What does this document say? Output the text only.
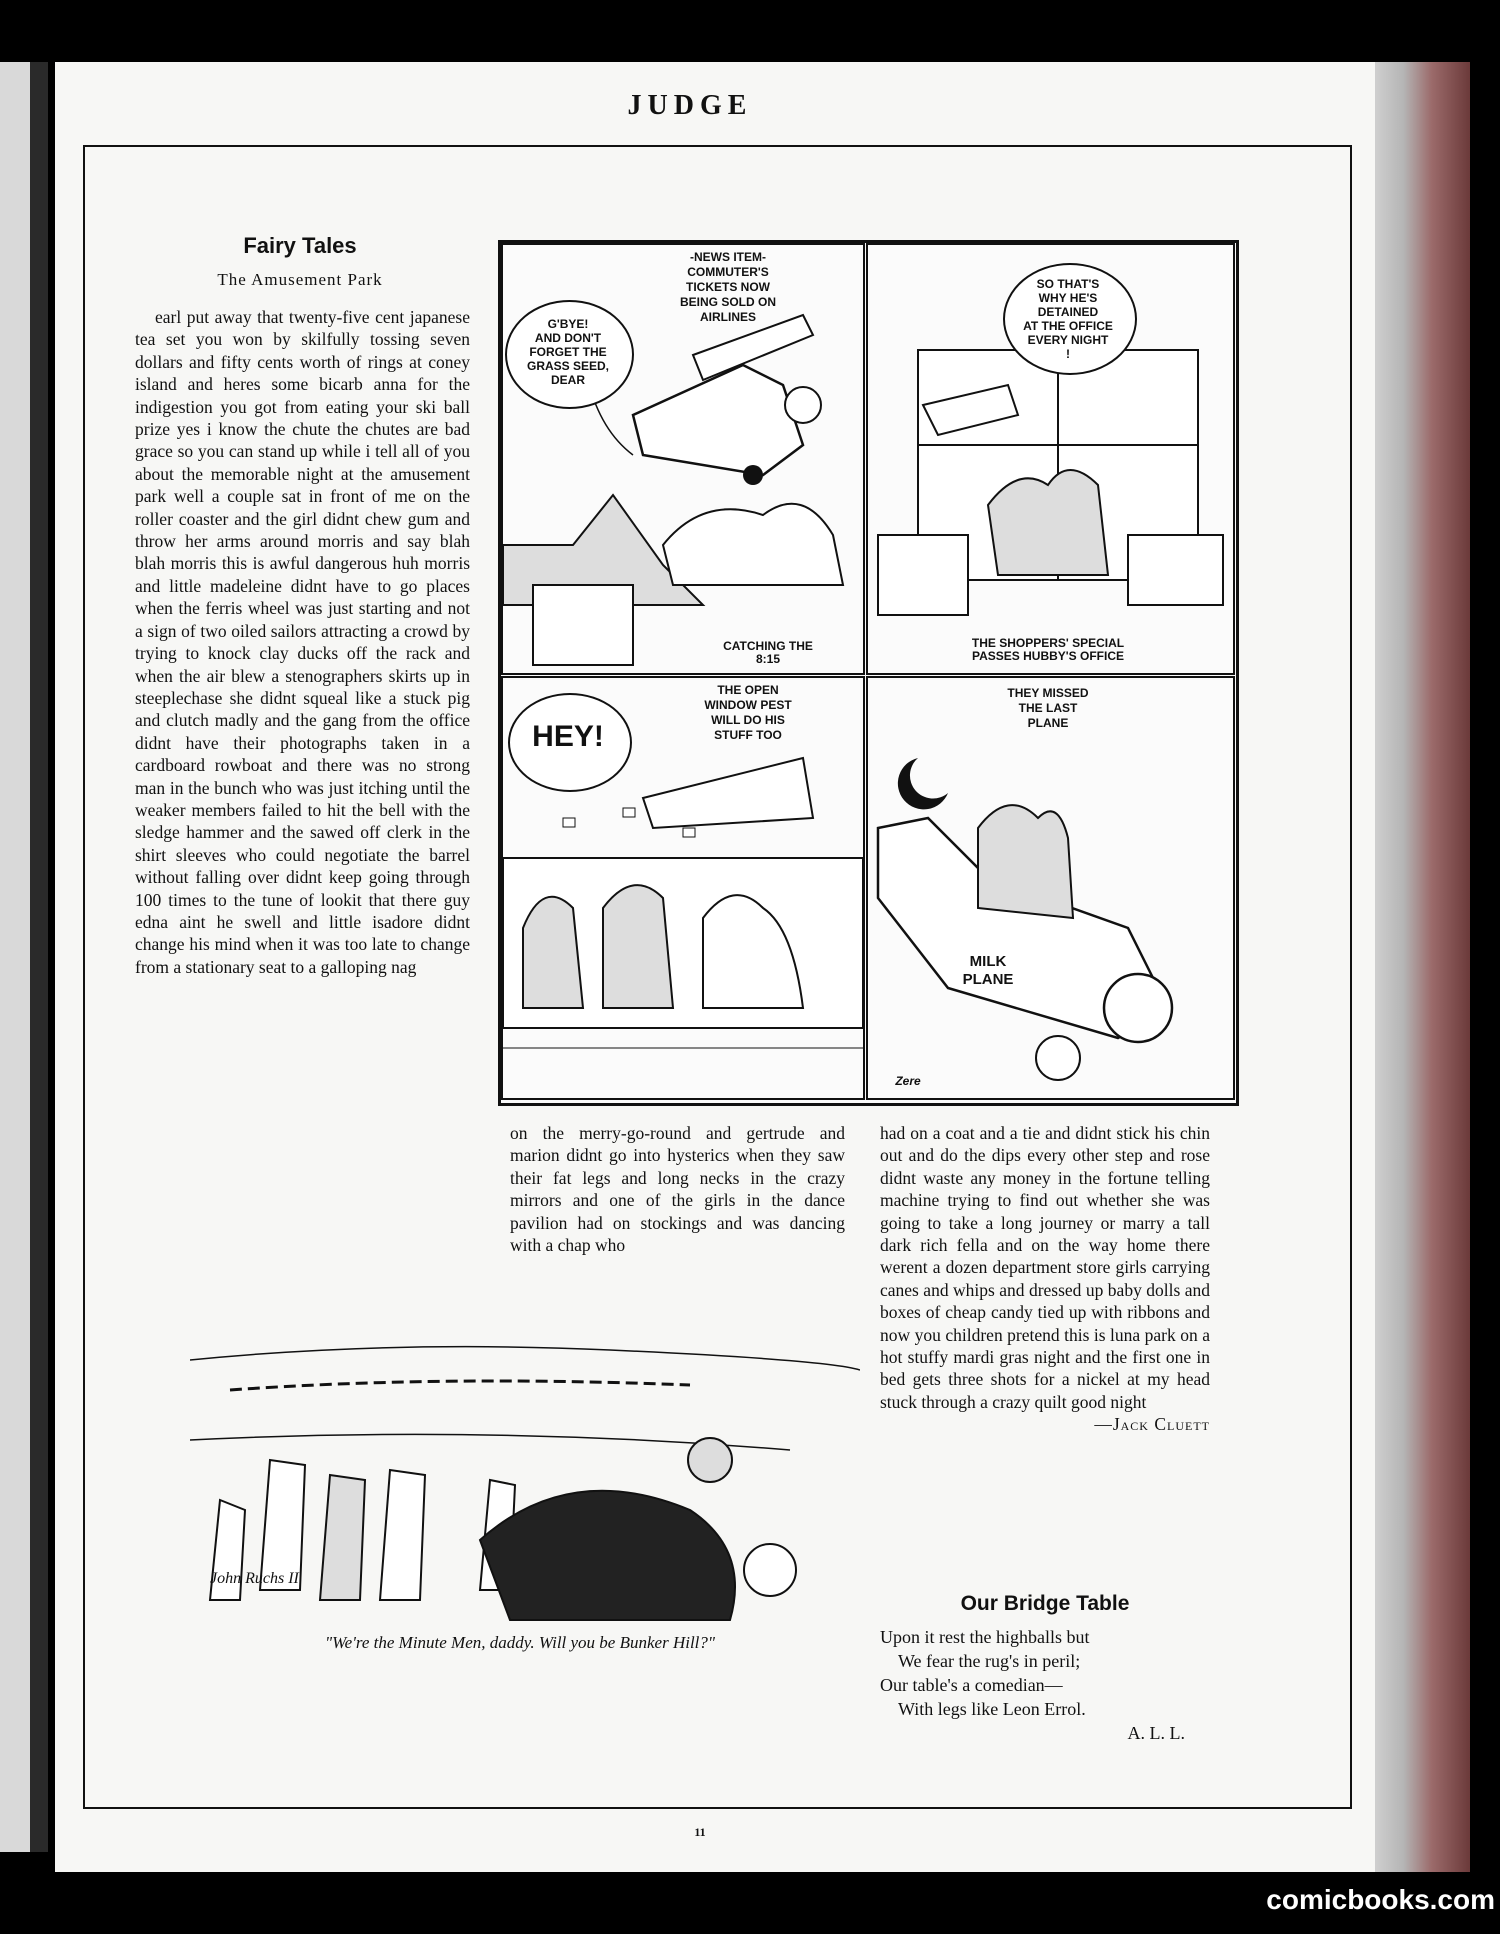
JUDGE
Fairy Tales
The Amusement Park

earl put away that twenty-five cent japanese tea set you won by skilfully tossing seven dollars and fifty cents worth of rings at coney island and heres some bicarb anna for the indigestion you got from eating your ski ball prize yes i know the chute the chutes are bad grace so you can stand up while i tell all of you about the memorable night at the amusement park well a couple sat in front of me on the roller coaster and the girl didnt chew gum and throw her arms around morris and say blah blah morris this is awful dangerous huh morris and little madeleine didnt have to go places when the ferris wheel was just starting and not a sign of two oiled sailors attracting a crowd by trying to knock clay ducks off the rack and when the air blew a stenographers skirts up in steeplechase she didnt squeal like a stuck pig and clutch madly and the gang from the office didnt have their photographs taken in a cardboard rowboat and there was no strong man in the bunch who was just itching until the weaker members failed to hit the bell with the sledge hammer and the sawed off clerk in the shirt sleeves who could negotiate the barrel without falling over didnt keep going through 100 times to the tune of lookit that there guy edna aint he swell and little isadore didnt change his mind when it was too late to change from a stationary seat to a galloping nag

G'BYE!
AND DON'T
FORGET THE
GRASS SEED,
DEAR
-NEWS ITEM-
COMMUTER'S
TICKETS NOW
BEING SOLD ON
AIRLINES
CATCHING THE
8:15
SO THAT'S
WHY HE'S
DETAINED
AT THE OFFICE
EVERY NIGHT
!
THE SHOPPERS' SPECIAL
PASSES HUBBY'S OFFICE
HEY!
THE OPEN
WINDOW PEST
WILL DO HIS
STUFF TOO
THEY MISSED
THE LAST
PLANE
MILK
PLANE
Zere

on the merry-go-round and gertrude and marion didnt go into hysterics when they saw their fat legs and long necks in the crazy mirrors and one of the girls in the dance pavilion had on stockings and was dancing with a chap who

had on a coat and a tie and didnt stick his chin out and do the dips every other step and rose didnt waste any money in the fortune telling machine trying to find out whether she was going to take a long journey or marry a tall dark rich fella and on the way home there werent a dozen department store girls carrying canes and whips and dressed up baby dolls and boxes of cheap candy tied up with ribbons and now you children pretend this is luna park on a hot stuffy mardi gras night and the first one in bed gets three shots for a nickel at my head stuck through a crazy quilt good night

—Jack Cluett
John Ruchs II
"We're the Minute Men, daddy. Will you be Bunker Hill?"
Our Bridge Table
Upon it rest the highballs but
We fear the rug's in peril;
Our table's a comedian—
With legs like Leon Errol.
A. L. L.
11
comicbooks.com
